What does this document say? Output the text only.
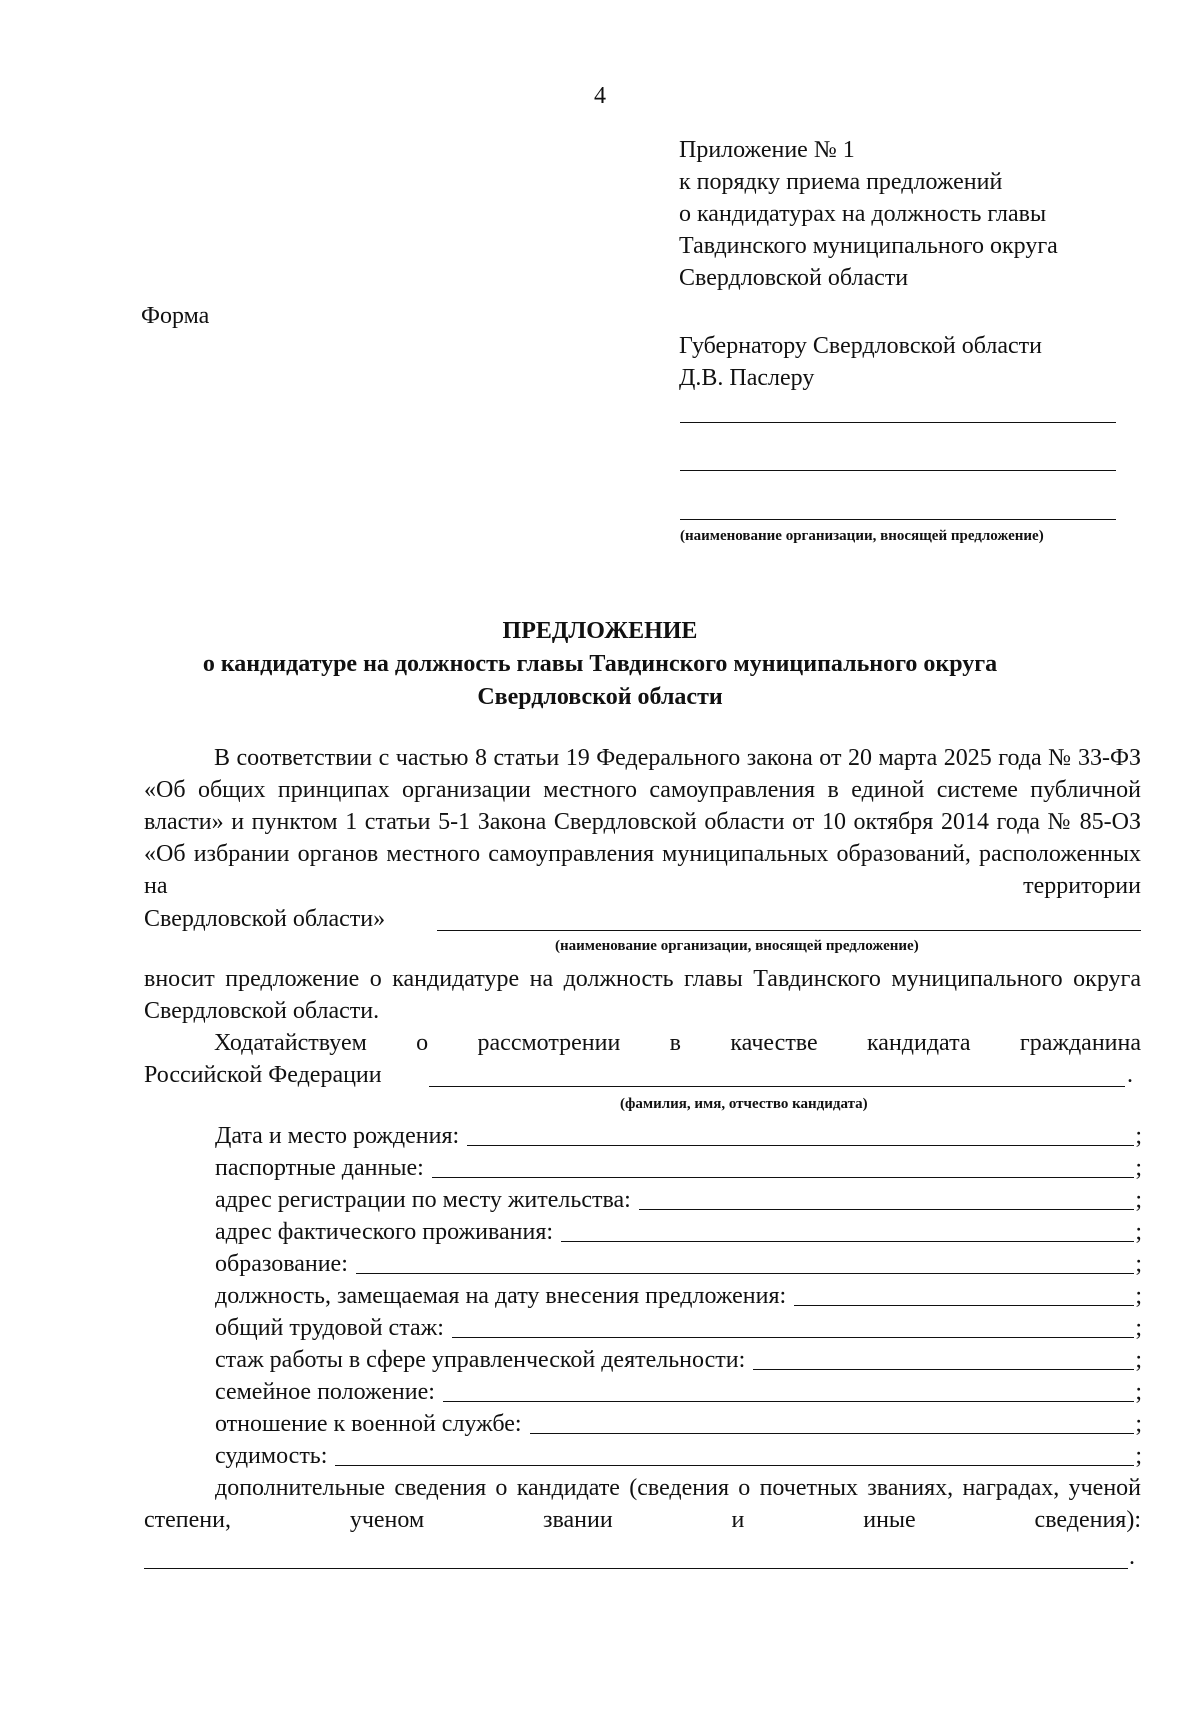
4
Приложение № 1
к порядку приема предложений
о кандидатурах на должность главы
Тавдинского муниципального округа
Свердловской области
Форма
Губернатору Свердловской области
Д.В. Паслеру
(наименование организации, вносящей предложение)
ПРЕДЛОЖЕНИЕ
о кандидатуре на должность главы Тавдинского муниципального округа
Свердловской области
В соответствии с частью 8 статьи 19 Федерального закона от 20 марта 2025 года № 33-ФЗ «Об общих принципах организации местного самоуправления в единой системе публичной власти» и пунктом 1 статьи 5-1 Закона Свердловской области от 10 октября 2014 года № 85-ОЗ «Об избрании органов местного самоуправления муниципальных образований, расположенных на территории
Свердловской области»
(наименование организации, вносящей предложение)
вносит предложение о кандидатуре на должность главы Тавдинского муниципального округа Свердловской области.
Ходатайствуем о рассмотрении в качестве кандидата гражданина
Российской Федерации	.
(фамилия, имя, отчество кандидата)
Дата и место рождения:	;
паспортные данные:	;
адрес регистрации по месту жительства:	;
адрес фактического проживания:	;
образование:	;
должность, замещаемая на дату внесения предложения:	;
общий трудовой стаж:	;
стаж работы в сфере управленческой деятельности:	;
семейное положение:	;
отношение к военной службе:	;
судимость:	;
дополнительные сведения о кандидате (сведения о почетных званиях, наградах, ученой степени, ученом звании и иные сведения):
.
